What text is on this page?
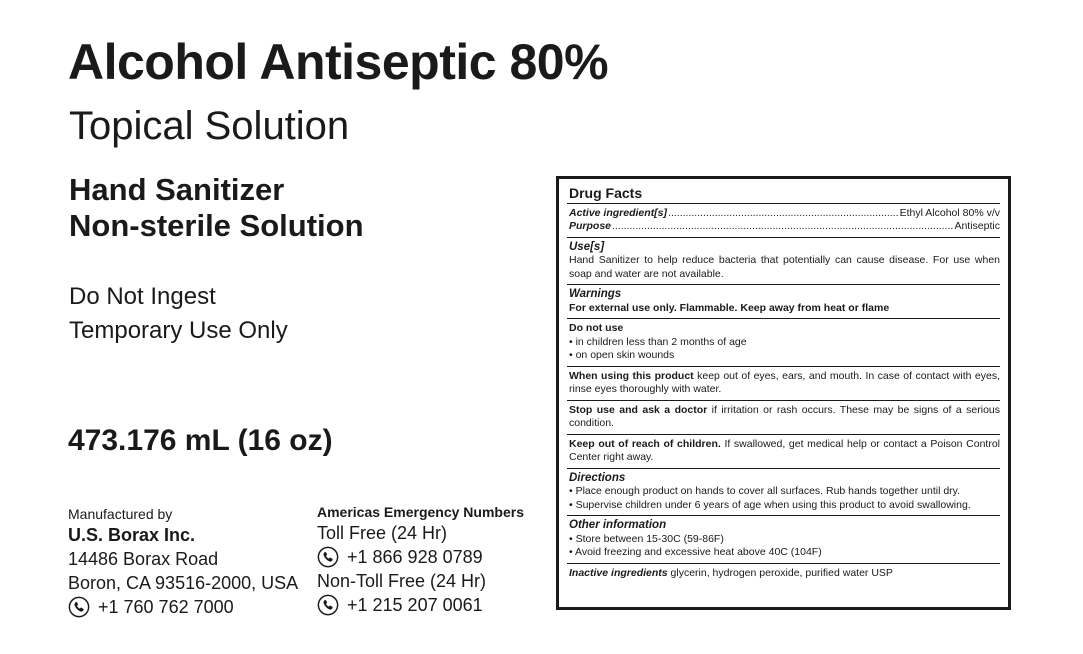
Alcohol Antiseptic 80%
Topical Solution
Hand Sanitizer
Non-sterile Solution
Do Not Ingest
Temporary Use Only
473.176 mL (16 oz)
Manufactured by
U.S. Borax Inc.
14486 Borax Road
Boron, CA 93516-2000, USA
+1 760 762 7000
Americas Emergency Numbers
Toll Free (24 Hr)
+1 866 928 0789
Non-Toll Free (24 Hr)
+1 215 207 0061
Drug Facts
Active ingredient[s] .....	Ethyl Alcohol 80% v/v
Purpose .....	Antiseptic
Use[s]
Hand Sanitizer to help reduce bacteria that potentially can cause disease. For use when soap and water are not available.
Warnings
For external use only. Flammable. Keep away from heat or flame
Do not use
• in children less than 2 months of age
• on open skin wounds
When using this product keep out of eyes, ears, and mouth. In case of contact with eyes, rinse eyes thoroughly with water.
Stop use and ask a doctor if irritation or rash occurs. These may be signs of a serious condition.
Keep out of reach of children. If swallowed, get medical help or contact a Poison Control Center right away.
Directions
• Place enough product on hands to cover all surfaces. Rub hands together until dry.
• Supervise children under 6 years of age when using this product to avoid swallowing.
Other information
• Store between 15-30C (59-86F)
• Avoid freezing and excessive heat above 40C (104F)
Inactive ingredients glycerin, hydrogen peroxide, purified water USP
